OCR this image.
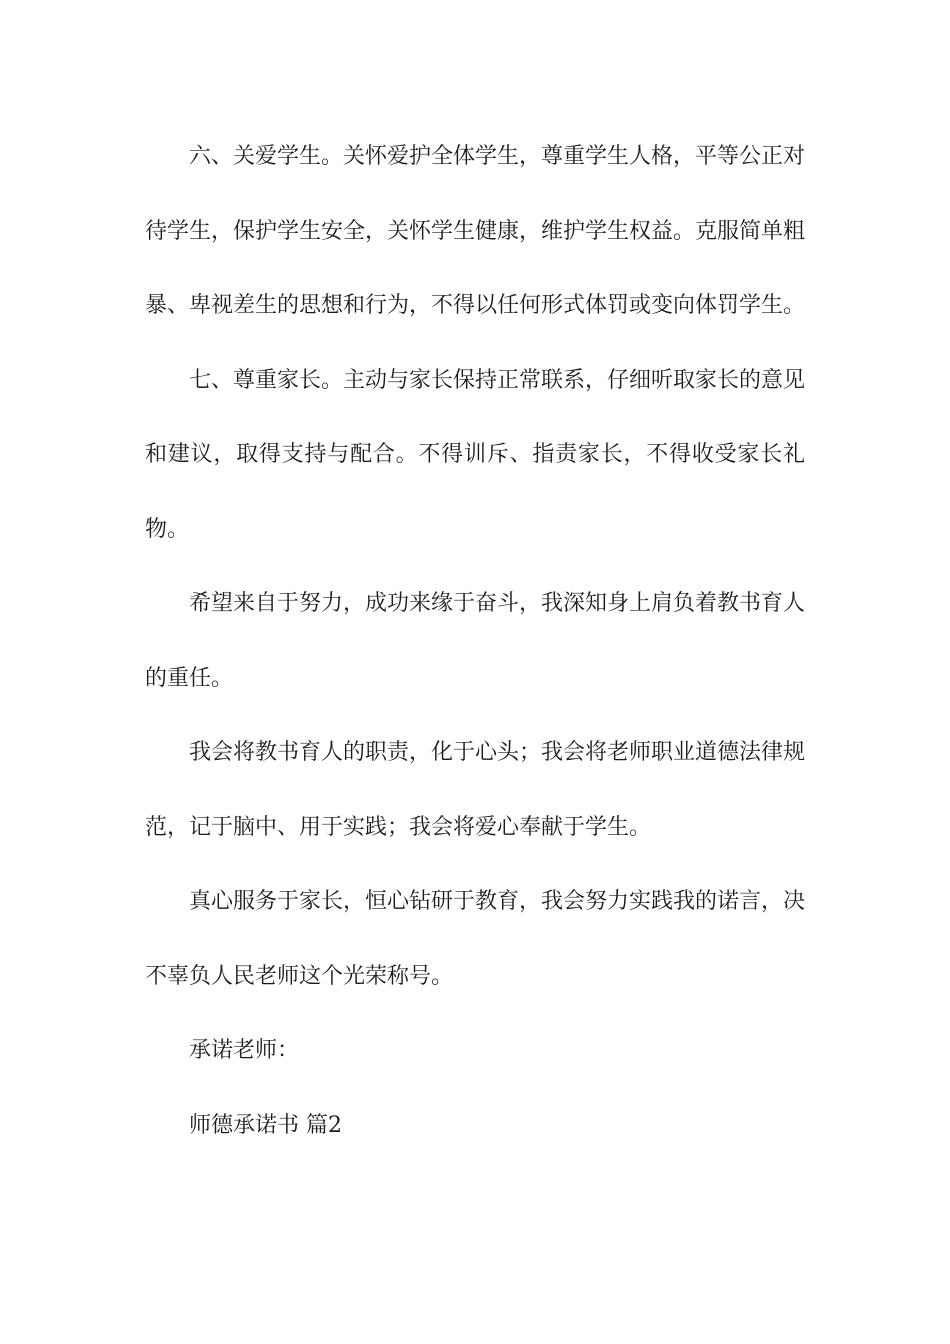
六、关爱学生。关怀爱护全体学生，尊重学生人格，平等公正对待学生，保护学生安全，关怀学生健康，维护学生权益。克服简单粗暴、卑视差生的思想和行为，不得以任何形式体罚或变向体罚学生。

七、尊重家长。主动与家长保持正常联系，仔细听取家长的意见和建议，取得支持与配合。不得训斥、指责家长，不得收受家长礼物。

希望来自于努力，成功来缘于奋斗，我深知身上肩负着教书育人的重任。

我会将教书育人的职责，化于心头；我会将老师职业道德法律规范，记于脑中、用于实践；我会将爱心奉献于学生。

真心服务于家长，恒心钻研于教育，我会努力实践我的诺言，决不辜负人民老师这个光荣称号。

承诺老师：

师德承诺书 篇2
